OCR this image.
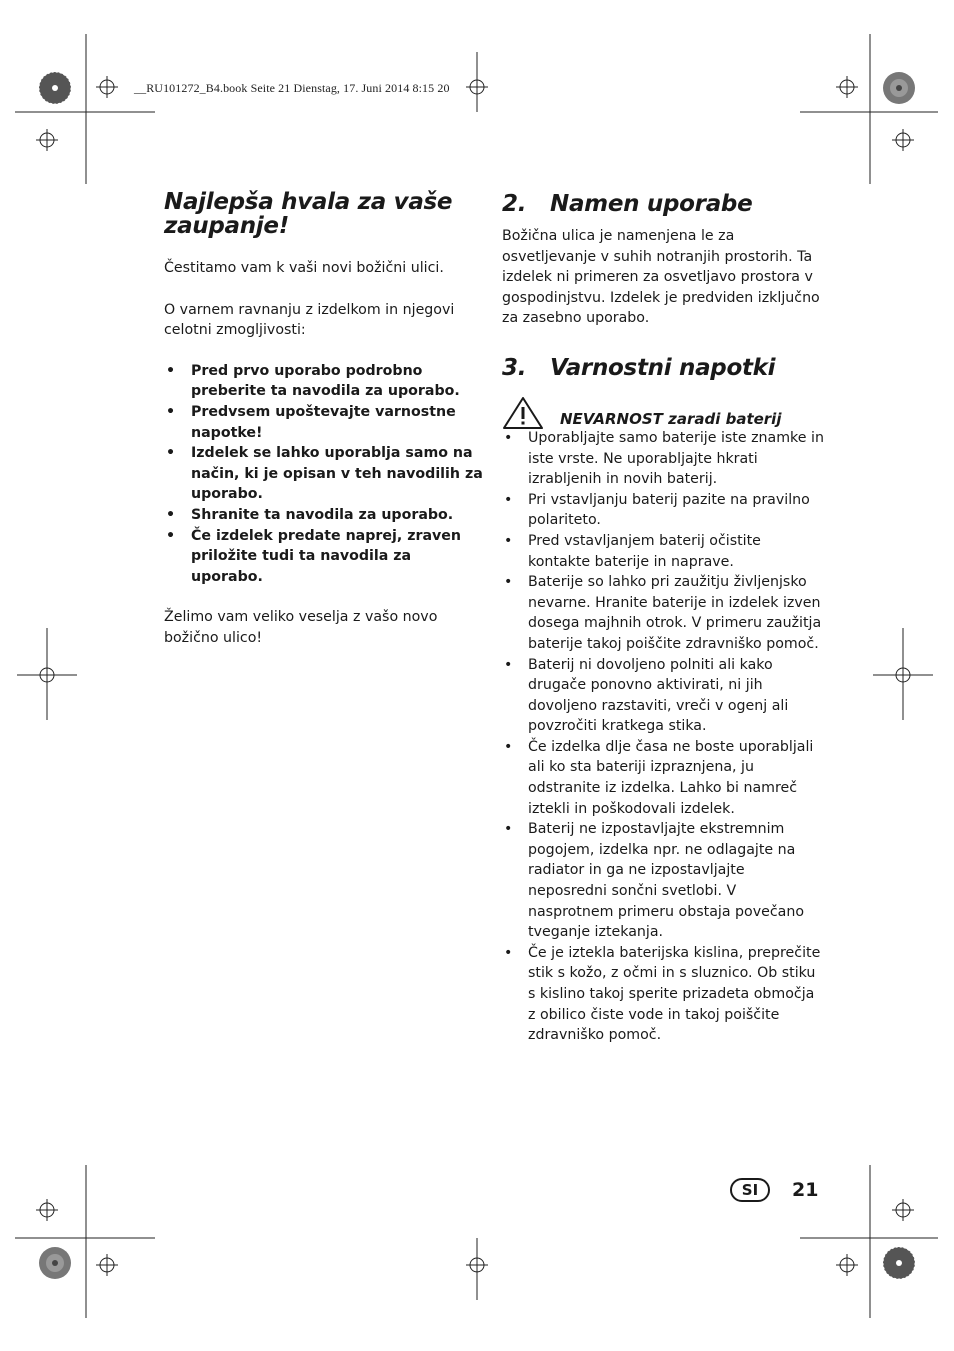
__RU101272_B4.book Seite 21 Dienstag, 17. Juni 2014 8:15 20
Najlepša hvala za vaše zaupanje!

Čestitamo vam k vaši novi božični ulici.

O varnem ravnanju z izdelkom in njegovi celotni zmogljivosti:

• Pred prvo uporabo podrobno preberite ta navodila za uporabo.
• Predvsem upoštevajte varnostne napotke!
• Izdelek se lahko uporablja samo na način, ki je opisan v teh navodilih za uporabo.
• Shranite ta navodila za uporabo.
• Če izdelek predate naprej, zraven priložite tudi ta navodila za uporabo.

Želimo vam veliko veselja z vašo novo božično ulico!

2. Namen uporabe

Božična ulica je namenjena le za osvetljevanje v suhih notranjih prostorih. Ta izdelek ni primeren za osvetljavo prostora v gospodinjstvu. Izdelek je predviden izključno za zasebno uporabo.

3. Varnostni napotki
NEVARNOST zaradi baterij
• Uporabljajte samo baterije iste znamke in iste vrste. Ne uporabljajte hkrati izrabljenih in novih baterij.
• Pri vstavljanju baterij pazite na pravilno polariteto.
• Pred vstavljanjem baterij očistite kontakte baterije in naprave.
• Baterije so lahko pri zaužitju življenjsko nevarne. Hranite baterije in izdelek izven dosega majhnih otrok. V primeru zaužitja baterije takoj poiščite zdravniško pomoč.
• Baterij ni dovoljeno polniti ali kako drugače ponovno aktivirati, ni jih dovoljeno razstaviti, vreči v ogenj ali povzročiti kratkega stika.
• Če izdelka dlje časa ne boste uporabljali ali ko sta bateriji izpraznjena, ju odstranite iz izdelka. Lahko bi namreč iztekli in poškodovali izdelek.
• Baterij ne izpostavljajte ekstremnim pogojem, izdelka npr. ne odlagajte na radiator in ga ne izpostavljajte neposredni sončni svetlobi. V nasprotnem primeru obstaja povečano tveganje iztekanja.
• Če je iztekla baterijska kislina, preprečite stik s kožo, z očmi in s sluznico. Ob stiku s kislino takoj sperite prizadeta območja z obilico čiste vode in takoj poiščite zdravniško pomoč.
SI	21
